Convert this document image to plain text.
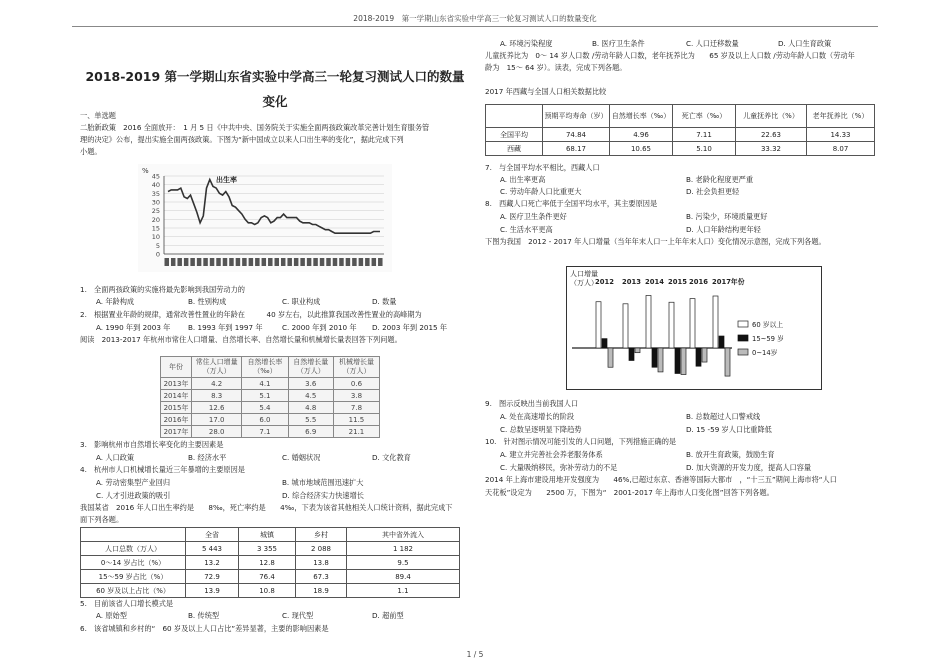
2018-2019　第一学期山东省实验中学高三一轮复习测试人口的数量变化
2018-2019 第一学期山东省实验中学高三一轮复习测试人口的数量变化
一、单选题
二胎新政策　2016 全面放开：　1 月 5 日《中共中央、国务院关于实施全面两孩政策改革完善计划生育服务管
理的决定》公布，提出实施全面两孩政策。下图为“新中国成立以来人口出生率的变化”，据此完成下列
小题。
%
45
40
35
30
25
20
15
10
5
0
出生率
1.　全面两孩政策的实施将最先影响到我国劳动力的
A. 年龄构成	B. 性别构成	C. 职业构成	D. 数量
2.　根据置业年龄的规律，通常改善性置业的年龄在　　　40 岁左右，以此推算我国改善性置业的高峰期为
A. 1990 年到 2003 年 B. 1993 年到 1997 年	C. 2000 年到 2010 年 D. 2003 年到 2015 年
阅读　2013-2017 年杭州市常住人口增量、自然增长率、自然增长量和机械增长量表回答下列问题。
年份	常住人口增量（万人）	自然增长率（‰）	自然增长量（万人）	机械增长量（万人）
2013年	4.2	4.1	3.6	0.6
2014年	8.3	5.1	4.5	3.8
2015年	12.6	5.4	4.8	7.8
2016年	17.0	6.0	5.5	11.5
2017年	28.0	7.1	6.9	21.1
3.　影响杭州市自然增长率变化的主要因素是
A. 人口政策	B. 经济水平	C. 婚姻状况	D. 文化教育
4.　杭州市人口机械增长量近三年暴增的主要原因是
A. 劳动密集型产业回归	B. 城市地域范围迅速扩大
C. 人才引进政策的吸引	D. 综合经济实力快速增长
我国某省　2016 年人口出生率约是　　8‰，死亡率约是　　4‰，下表为该省其他相关人口统计资料，据此完成下
面下列各题。
	全省	城镇	乡村	其中省外流入
人口总数（万人）	5 443	3 355	2 088	1 182
0～14 岁占比（%）	13.2	12.8	13.8	9.5
15～59 岁占比（%）	72.9	76.4	67.3	89.4
60 岁及以上占比（%）	13.9	10.8	18.9	1.1
5.　目前该省人口增长模式是
A. 原始型	B. 传统型	C. 现代型	D. 超前型
6.　该省城镇和乡村的“　60 岁及以上人口占比”差异显著，主要的影响因素是
A. 环境污染程度	B. 医疗卫生条件	C. 人口迁移数量	D. 人口生育政策
儿童抚养比为　0～ 14 岁人口数 /劳动年龄人口数，老年抚养比为　　65 岁及以上人口数 /劳动年龄人口数（劳动年
龄为　15～ 64 岁）。读表，完成下列各题。
2017 年西藏与全国人口相关数据比较
	预期平均寿命（岁）	自然增长率（‰）	死亡率（‰）	儿童抚养比（%）	老年抚养比（%）
全国平均	74.84	4.96	7.11	22.63	14.33
西藏	68.17	10.65	5.10	33.32	8.07
7.　与全国平均水平相比，西藏人口
A. 出生率更高	B. 老龄化程度更严重
C. 劳动年龄人口比重更大	D. 社会负担更轻
8.　西藏人口死亡率低于全国平均水平，其主要原因是
A. 医疗卫生条件更好	B. 污染少，环境质量更好
C. 生活水平更高	D. 人口年龄结构更年轻
下图为我国　2012 - 2017 年人口增量（当年年末人口一上年年末人口）变化情况示意图，完成下列各题。
人口增量
（万人）
2012 2013 2014 2015 2016 2017年份
60 岁以上
15~59 岁
0~14岁
9.　图示反映出当前我国人口
A. 处在高速增长的阶段	B. 总数超过人口警戒线
C. 总数呈逐明显下降趋势	D. 15 -59 岁人口比重降低
10.　针对图示情况可能引发的人口问题，下列措施正确的是
A. 建立并完善社会养老服务体系	B. 放开生育政策，鼓励生育
C. 大量吸纳移民，弥补劳动力的不足	D. 加大资源的开发力度，提高人口容量
2014 年上海市建设用地开发强度为　　46%,已超过东京、香港等国际大都市　，“十三五”期间上海市将“人口
天花板”设定为　　2500 万，下图为“　2001-2017 年上海市人口变化图”回答下列各题。
1 / 5
